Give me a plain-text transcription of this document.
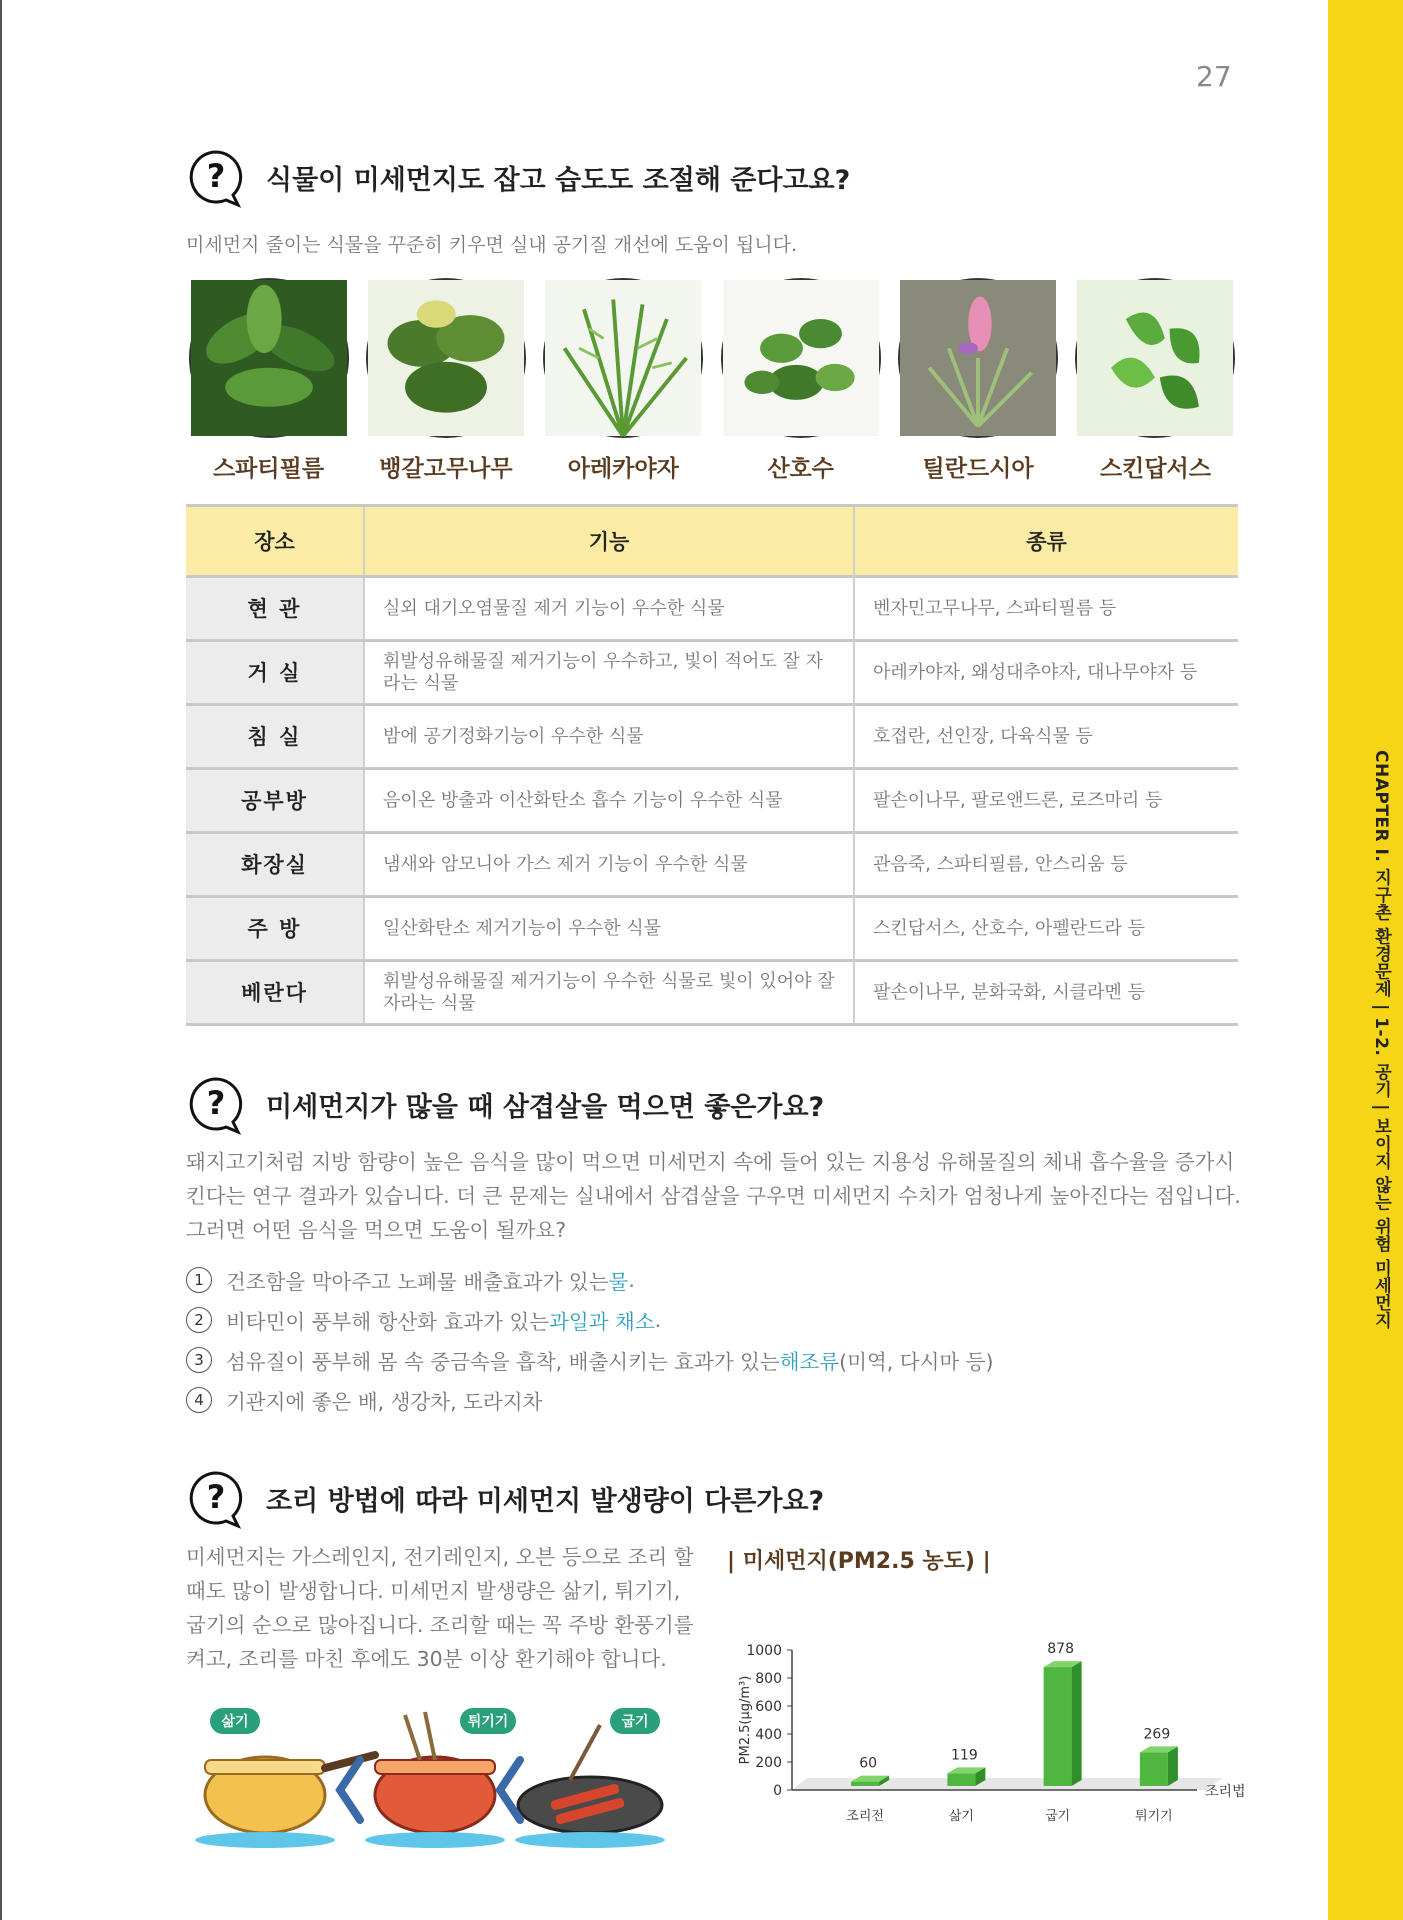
CHAPTER I. 지구촌 환경문제 | 1-2. 공기 | 보이지 않는 위험 미세먼지
27
? 식물이 미세먼지도 잡고 습도도 조절해 준다고요?
미세먼지 줄이는 식물을 꾸준히 키우면 실내 공기질 개선에 도움이 됩니다.
스파티필름	뱅갈고무나무	아레카야자	산호수	틸란드시아	스킨답서스
장소	기능	종류
현 관	실외 대기오염물질 제거 기능이 우수한 식물	벤자민고무나무, 스파티필름 등
거 실	휘발성유해물질 제거기능이 우수하고, 빛이 적어도 잘 자라는 식물	아레카야자, 왜성대추야자, 대나무야자 등
침 실	밤에 공기정화기능이 우수한 식물	호접란, 선인장, 다육식물 등
공부방	음이온 방출과 이산화탄소 흡수 기능이 우수한 식물	팔손이나무, 팔로앤드론, 로즈마리 등
화장실	냄새와 암모니아 가스 제거 기능이 우수한 식물	관음죽, 스파티필름, 안스리움 등
주 방	일산화탄소 제거기능이 우수한 식물	스킨답서스, 산호수, 아펠란드라 등
베란다	휘발성유해물질 제거기능이 우수한 식물로 빛이 있어야 잘 자라는 식물	팔손이나무, 분화국화, 시클라멘 등
? 미세먼지가 많을 때 삼겹살을 먹으면 좋은가요?
돼지고기처럼 지방 함량이 높은 음식을 많이 먹으면 미세먼지 속에 들어 있는 지용성 유해물질의 체내 흡수율을 증가시킨다는 연구 결과가 있습니다. 더 큰 문제는 실내에서 삼겹살을 구우면 미세먼지 수치가 엄청나게 높아진다는 점입니다. 그러면 어떤 음식을 먹으면 도움이 될까요?
1	건조함을 막아주고 노폐물 배출효과가 있는 물 .
2	비타민이 풍부해 항산화 효과가 있는 과일과 채소 .
3	섬유질이 풍부해 몸 속 중금속을 흡착, 배출시키는 효과가 있는 해조류 (미역, 다시마 등)
4	기관지에 좋은 배, 생강차, 도라지차
? 조리 방법에 따라 미세먼지 발생량이 다른가요?
미세먼지는 가스레인지, 전기레인지, 오븐 등으로 조리 할 때도 많이 발생합니다. 미세먼지 발생량은 삶기, 튀기기, 굽기의 순으로 많아집니다. 조리할 때는 꼭 주방 환풍기를 켜고, 조리를 마친 후에도 30분 이상 환기해야 합니다.
| 미세먼지(PM2.5 농도) |
0
200
400
600
800
1000
PM2.5(μg/m³)
조리법
60
조리전
119
삶기
878
굽기
269
튀기기
삶기	튀기기	굽기
